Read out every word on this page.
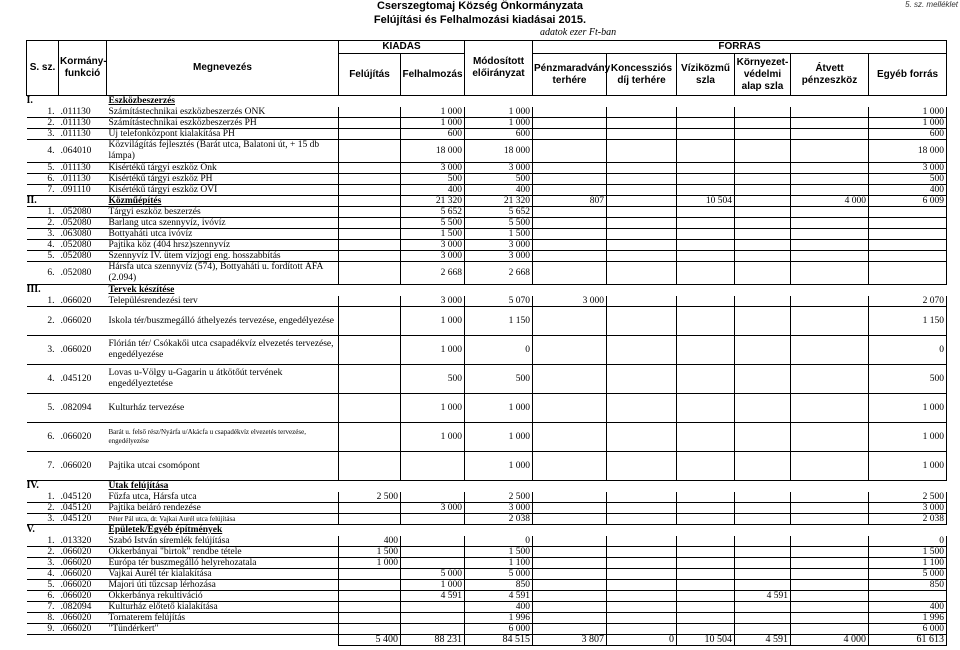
Cserszegtomaj Község Önkormányzata
Felújítási és Felhalmozási kiadásai 2015.
adatok ezer Ft-ban
5. sz. melléklet
S. sz.	Kormány-funkció	Megnevezés	KIADÁS		Módosított előirányzat	FORRÁS					
			Felújítás	Felhalmozás		Pénzmaradvány terhére	Koncessziós díj terhére	Víziközmű szla	Környezet-védelmi alap szla	Átvett pénzeszköz	Egyéb forrás
I.		Eszközbeszerzés									
1.	.011130	Számítástechnikai eszközbeszerzés ONK		1 000	1 000						1 000
2.	.011130	Számítástechnikai eszközbeszerzés PH		1 000	1 000						1 000
3.	.011130	Új telefonközpont kialakítása PH		600	600						600
4.	.064010	Közvilágítás fejlesztés (Barát utca, Balatoni út, + 15 db lámpa)		18 000	18 000						18 000
5.	.011130	Kisértékű tárgyi eszköz Önk		3 000	3 000						3 000
6.	.011130	Kisértékű tárgyi eszköz PH		500	500						500
7.	.091110	Kisértékű tárgyi eszköz OVI		400	400						400
II.		Közműépítés		21 320	21 320	807		10 504		4 000	6 009
1.	.052080	Tárgyi eszköz beszerzés		5 652	5 652						
2.	.052080	Barlang utca szennyvíz, ivóvíz		5 500	5 500						
3.	.063080	Bottyaháti utca ivóvíz		1 500	1 500						
4.	.052080	Pajtika köz (404 hrsz)szennyvíz		3 000	3 000						
5.	.052080	Szennyvíz IV. ütem vízjogi eng. hosszabbítás		3 000	3 000						
6.	.052080	Hársfa utca szennyvíz (574), Bottyaháti u. fordított ÁFA (2.094)		2 668	2 668						
III.		Tervek készítése									
1.	.066020	Településrendezési terv		3 000	5 070	3 000					2 070
2.	.066020	Iskola tér/buszmegálló áthelyezés tervezése, engedélyezése		1 000	1 150						1 150
3.	.066020	Flórián tér/ Csókakői utca csapadékvíz elvezetés tervezése, engedélyezése		1 000	0						0
4.	.045120	Lovas u-Völgy u-Gagarin u átkötőút tervének engedélyeztetése		500	500						500
5.	.082094	Kulturház tervezése		1 000	1 000						1 000
6.	.066020	Barát u. felső rész/Nyárfa u/Akácfa u csapadékvíz elvezetés tervezése, engedélyezése		1 000	1 000						1 000
7.	.066020	Pajtika utcai csomópont			1 000						1 000
IV.		Utak felújítása									
1.	.045120	Fűzfa utca, Hársfa utca	2 500		2 500						2 500
2.	.045120	Pajtika beiáró rendezése		3 000	3 000						3 000
3.	.045120	Péter Pál utca, dr. Vajkai Aurél utca felújítása			2 038						2 038
V.		Épületek/Egyéb építmények									
1.	.013320	Szabó István síremlék felújítása	400		0						0
2.	.066020	Okkerbányai "birtok" rendbe tétele	1 500		1 500						1 500
3.	.066020	Európa tér buszmegálló helyrehozatala	1 000		1 100						1 100
4.	.066020	Vajkai Aurél tér kialakítása		5 000	5 000						5 000
5.	.066020	Majori úti tűzcsap lérhozása		1 000	850						850
6.	.066020	Okkerbánya rekultiváció		4 591	4 591				4 591		
7.	.082094	Kulturház előtető kialakítása			400						400
8.	.066020	Tornaterem felújítás			1 996						1 996
9.	.066020	"Tündérkert"			6 000						6 000
			5 400	88 231	84 515	3 807	0	10 504	4 591	4 000	61 613
